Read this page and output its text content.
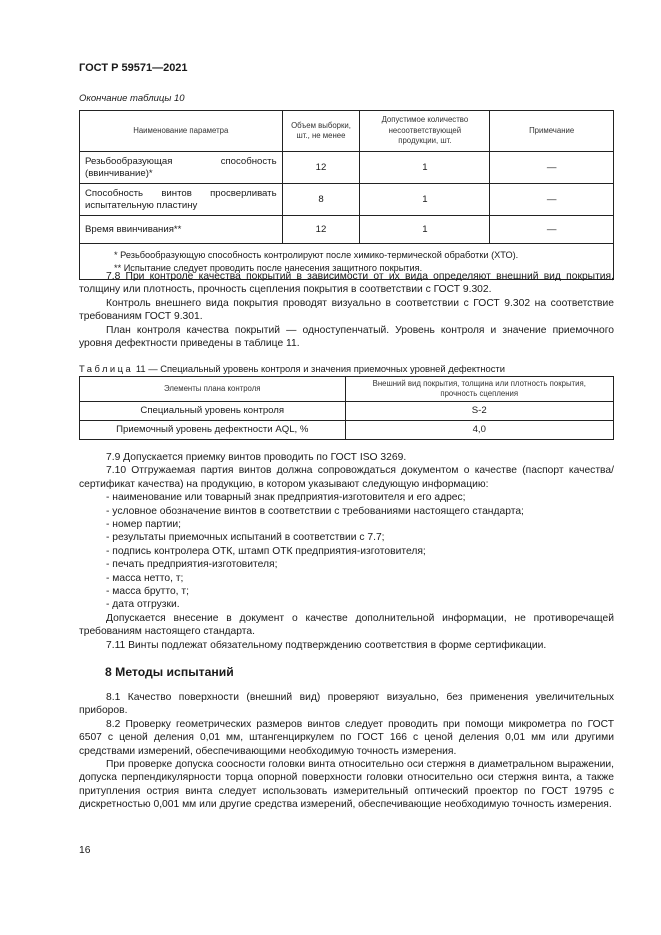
ГОСТ Р 59571—2021
Окончание таблицы 10
Наименование параметра	Объем выборки, шт., не менее	Допустимое количество несоответствующей продукции, шт.	Примечание
Резьбообразующая способность (ввинчивание)*	12	1	—
Способность винтов просверливать испытательную пластину	8	1	—
Время ввинчивания**	12	1	—

* Резьбообразующую способность контролируют после химико-термической обработки (ХТО).
** Испытание следует проводить после нанесения защитного покрытия.			
7.8 При контроле качества покрытий в зависимости от их вида определяют внешний вид покрытия, толщину или плотность, прочность сцепления покрытия в соответствии с ГОСТ 9.302.
Контроль внешнего вида покрытия проводят визуально в соответствии с ГОСТ 9.302 на соответствие требованиям ГОСТ 9.301.
План контроля качества покрытий — одноступенчатый. Уровень контроля и значение приемочного уровня дефектности приведены в таблице 11.
Таблица 11 — Специальный уровень контроля и значения приемочных уровней дефектности
Элементы плана контроля	Внешний вид покрытия, толщина или плотность покрытия, прочность сцепления
Специальный уровень контроля	S-2
Приемочный уровень дефектности AQL, %	4,0

7.9 Допускается приемку винтов проводить по ГОСТ ISO 3269.

7.10 Отгружаемая партия винтов должна сопровождаться документом о качестве (паспорт качества/сертификат качества) на продукцию, в котором указывают следующую информацию:

- наименование или товарный знак предприятия-изготовителя и его адрес;

- условное обозначение винтов в соответствии с требованиями настоящего стандарта;

- номер партии;

- результаты приемочных испытаний в соответствии с 7.7;

- подпись контролера ОТК, штамп ОТК предприятия-изготовителя;

- печать предприятия-изготовителя;

- масса нетто, т;

- масса брутто, т;

- дата отгрузки.

Допускается внесение в документ о качестве дополнительной информации, не противоречащей требованиям настоящего стандарта.

7.11 Винты подлежат обязательному подтверждению соответствия в форме сертификации.

8 Методы испытаний

8.1 Качество поверхности (внешний вид) проверяют визуально, без применения увеличительных приборов.

8.2 Проверку геометрических размеров винтов следует проводить при помощи микрометра по ГОСТ 6507 с ценой деления 0,01 мм, штангенциркулем по ГОСТ 166 с ценой деления 0,01 мм или другими средствами измерений, обеспечивающими необходимую точность измерения.

При проверке допуска соосности головки винта относительно оси стержня в диаметральном выражении, допуска перпендикулярности торца опорной поверхности головки относительно оси стержня винта, а также притупления острия винта следует использовать измерительный оптический проектор по ГОСТ 19795 с дискретностью 0,001 мм или другие средства измерений, обеспечивающие необходимую точность измерения.

16
